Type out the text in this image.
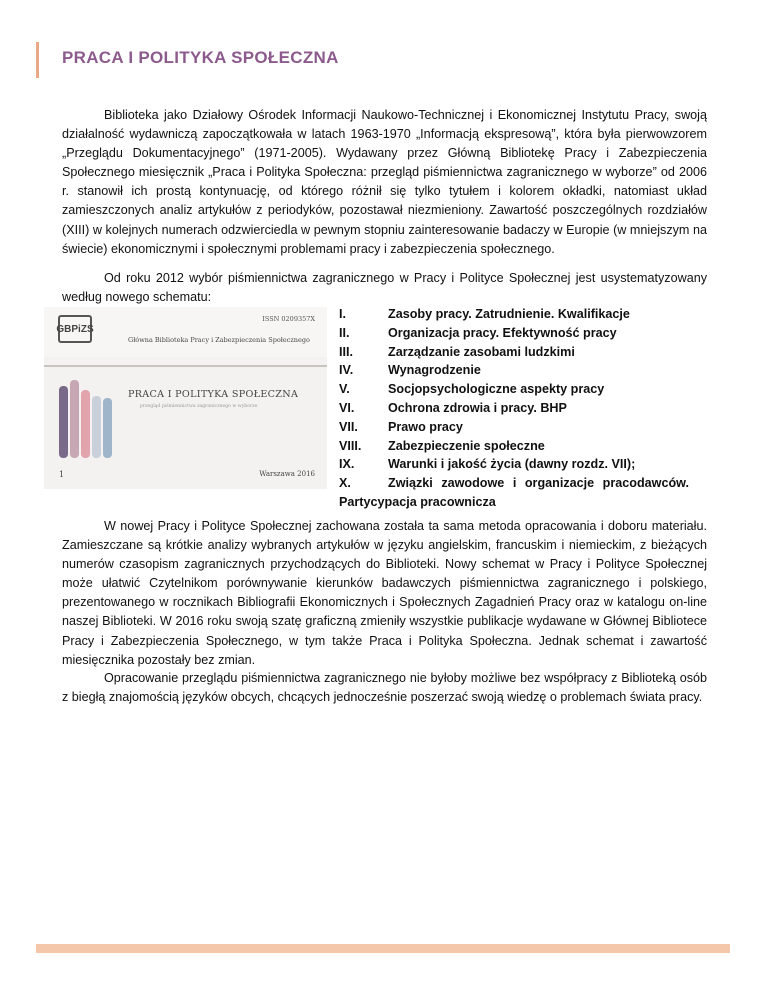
PRACA I POLITYKA SPOŁECZNA

Biblioteka jako Działowy Ośrodek Informacji Naukowo-Technicznej i Ekonomicznej Instytutu Pracy, swoją działalność wydawniczą zapoczątkowała w latach 1963-1970 „Informacją ekspresową”, która była pierwowzorem „Przeglądu Dokumentacyjnego” (1971-2005). Wydawany przez Główną Bibliotekę Pracy i Zabezpieczenia Społecznego miesięcznik „Praca i Polityka Społeczna: przegląd piśmiennictwa zagranicznego w wyborze” od 2006 r. stanowił ich prostą kontynuację, od którego różnił się tylko tytułem i kolorem okładki, natomiast układ zamieszczonych analiz artykułów z periodyków, pozostawał niezmieniony. Zawartość poszczególnych rozdziałów (XIII) w kolejnych numerach odzwierciedla w pewnym stopniu zainteresowanie badaczy w Europie (w mniejszym na świecie) ekonomicznymi i społecznymi problemami pracy i zabezpieczenia społecznego.

Od roku 2012 wybór piśmiennictwa zagranicznego w Pracy i Polityce Społecznej jest usystematyzowany według nowego schematu:

GBPiZS
ISSN 0209357X
Główna Biblioteka Pracy i Zabezpieczenia Społecznego
PRACA I POLITYKA SPOŁECZNA
przegląd piśmiennictwa zagranicznego w wyborze
1	Warszawa 2016
I.	Zasoby pracy. Zatrudnienie. Kwalifikacje
II.	Organizacja pracy. Efektywność pracy
III.	Zarządzanie zasobami ludzkimi
IV.	Wynagrodzenie
V.	Socjopsychologiczne aspekty pracy
VI.	Ochrona zdrowia i pracy. BHP
VII. Prawo pracy
VIII. Zabezpieczenie społeczne
IX.	Warunki i jakość życia (dawny rozdz. VII);
X.	Związki zawodowe i organizacje pracodawców.
Partycypacja pracownicza

W nowej Pracy i Polityce Społecznej zachowana została ta sama metoda opracowania i doboru materiału. Zamieszczane są krótkie analizy wybranych artykułów w języku angielskim, francuskim i niemieckim, z bieżących numerów czasopism zagranicznych przychodzących do Biblioteki. Nowy schemat w Pracy i Polityce Społecznej może ułatwić Czytelnikom porównywanie kierunków badawczych piśmiennictwa zagranicznego i polskiego, prezentowanego w rocznikach Bibliografii Ekonomicznych i Społecznych Zagadnień Pracy oraz w katalogu on-line naszej Biblioteki. W 2016 roku swoją szatę graficzną zmieniły wszystkie publikacje wydawane w Głównej Bibliotece Pracy i Zabezpieczenia Społecznego, w tym także Praca i Polityka Społeczna. Jednak schemat i zawartość miesięcznika pozostały bez zmian.

Opracowanie przeglądu piśmiennictwa zagranicznego nie byłoby możliwe bez współpracy z Biblioteką osób z biegłą znajomością języków obcych, chcących jednocześnie poszerzać swoją wiedzę o problemach świata pracy.
